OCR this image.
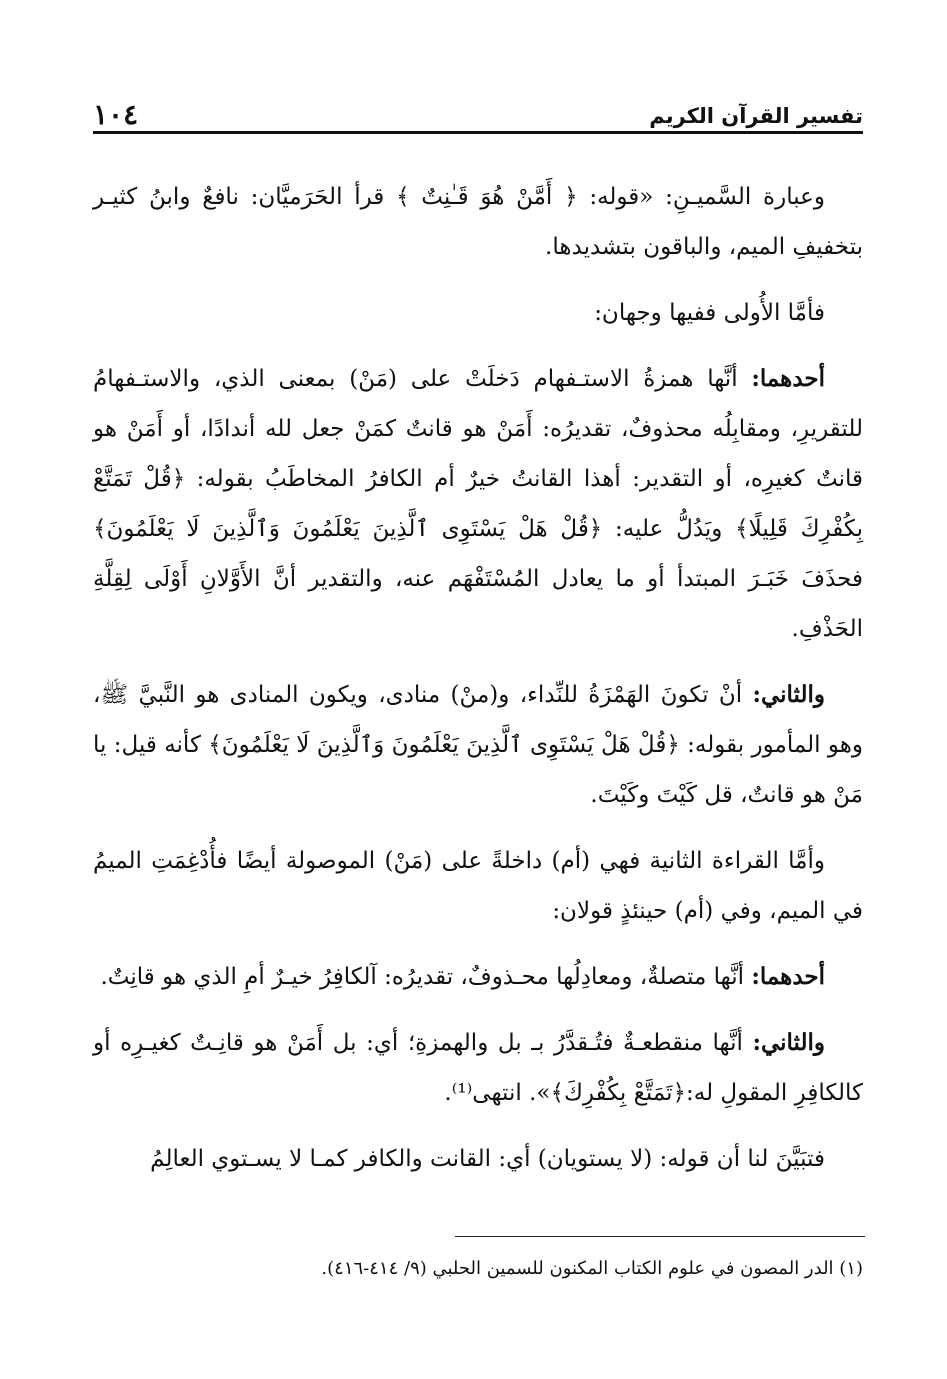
تفسير القرآن الكريم
١٠٤

وعبارة السَّميـنِ: «قوله: ﴿ أَمَّنْ هُوَ قَـٰنِتٌ ﴾ قرأ الحَرَميَّان: نافعٌ وابنُ كثيـر بتخفيفِ الميم، والباقون بتشديدها.

فأمَّا الأُولى ففيها وجهان:

أحدهما: أنَّها همزةُ الاستـفهام دَخلَتْ على (مَنْ) بمعنى الذي، والاستـفهامُ للتقريرِ، ومقابِلُه محذوفٌ، تقديرُه: أَمَنْ هو قانتٌ كمَنْ جعل لله أندادًا، أو أَمَنْ هو قانتٌ كغيرِه، أو التقدير: أهذا القانتُ خيرٌ أم الكافرُ المخاطَبُ بقوله: ﴿قُلْ تَمَتَّعْ بِكُفْرِكَ قَلِيلًا﴾ ويَدُلُّ عليه: ﴿قُلْ هَلْ يَسْتَوِى ٱلَّذِينَ يَعْلَمُونَ وَٱلَّذِينَ لَا يَعْلَمُونَ﴾ فحذَفَ خَبَـرَ المبتدأ أو ما يعادل المُسْتَفْهَم عنه، والتقدير أنَّ الأَوَّلانِ أَوْلَى لِقِلَّةِ الحَذْفِ.

والثاني: أنْ تكونَ الهَمْزَةُ للنِّداء، و(منْ) منادى، ويكون المنادى هو النَّبيَّ ﷺ، وهو المأمور بقوله: ﴿قُلْ هَلْ يَسْتَوِى ٱلَّذِينَ يَعْلَمُونَ وَٱلَّذِينَ لَا يَعْلَمُونَ﴾ كأنه قيل: يا مَنْ هو قانتٌ، قل كَيْتَ وكَيْتَ.

وأمَّا القراءة الثانية فهي (أم) داخلةً على (مَنْ) الموصولة أيضًا فأُدْغِمَتِ الميمُ في الميم، وفي (أم) حينئذٍ قولان:

أحدهما: أنَّها متصلةٌ، ومعادِلُها محـذوفٌ، تقديرُه: آلكافِرُ خيـرٌ أمِ الذي هو قانِتٌ.

والثاني: أنَّها منقطعـةٌ فتُـقدَّرُ بـ بل والهمزةِ؛ أي: بل أَمَنْ هو قانِـتٌ كغيـرِه أو كالكافِرِ المقولِ له:﴿تَمَتَّعْ بِكُفْرِكَ﴾». انتهى⁽¹⁾.

فتبَيَّنَ لنا أن قوله: (لا يستويان) أي: القانت والكافر كمـا لا يسـتوي العالِمُ

(١) الدر المصون في علوم الكتاب المكنون للسمين الحلبي (٩/ ٤١٤-٤١٦).
